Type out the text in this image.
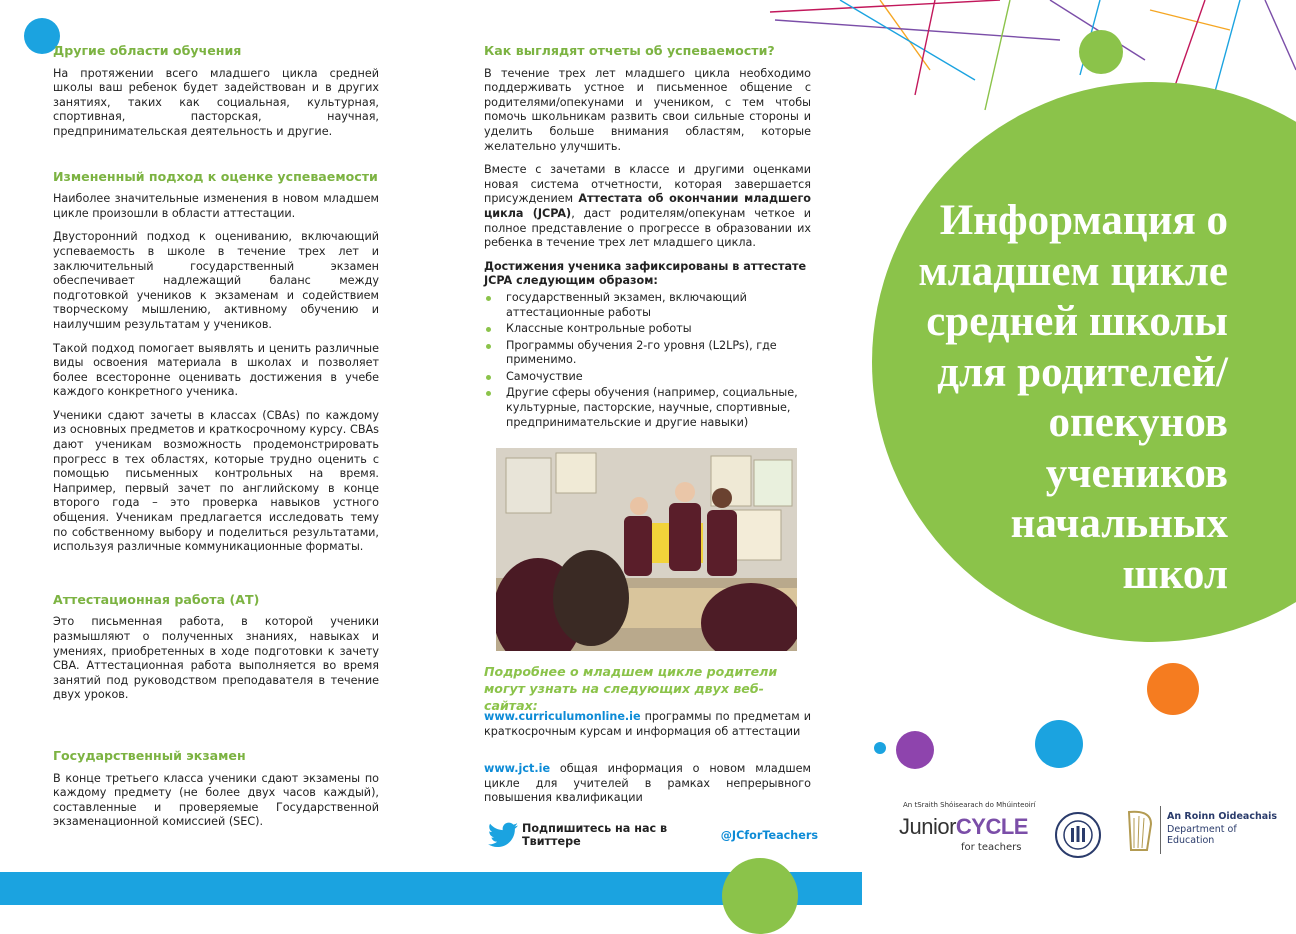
Другие области обучения
На протяжении всего младшего цикла средней школы ваш ребенок будет задействован и в других занятиях, таких как социальная, культурная, спортивная, пасторская, научная, предпринимательская деятельность и другие.
Измененный подход к оценке успеваемости
Наиболее значительные изменения в новом младшем цикле произошли в области аттестации.
Двусторонний подход к оцениванию, включающий успеваемость в школе в течение трех лет и заключительный государственный экзамен обеспечивает надлежащий баланс между подготовкой учеников к экзаменам и содействием творческому мышлению, активному обучению и наилучшим результатам у учеников.
Такой подход помогает выявлять и ценить различные виды освоения материала в школах и позволяет более всесторонне оценивать достижения в учебе каждого конкретного ученика.
Ученики сдают зачеты в классах (CBAs) по каждому из основных предметов и краткосрочному курсу. CBAs дают ученикам возможность продемонстрировать прогресс в тех областях, которые трудно оценить с помощью письменных контрольных на время. Например, первый зачет по английскому в конце второго года – это проверка навыков устного общения. Ученикам предлагается исследовать тему по собственному выбору и поделиться результатами, используя различные коммуникационные форматы.
Аттестационная работа (АТ)
Это письменная работа, в которой ученики размышляют о полученных знаниях, навыках и умениях, приобретенных в ходе подготовки к зачету CBA. Аттестационная работа выполняется во время занятий под руководством преподавателя в течение двух уроков.
Государственный экзамен
В конце третьего класса ученики сдают экзамены по каждому предмету (не более двух часов каждый), составленные и проверяемые Государственной экзаменационной комиссией (SEC).
Как выглядят отчеты об успеваемости?
В течение трех лет младшего цикла необходимо поддерживать устное и письменное общение с родителями/опекунами и учеником, с тем чтобы помочь школьникам развить свои сильные стороны и уделить больше внимания областям, которые желательно улучшить.
Вместе с зачетами в классе и другими оценками новая система отчетности, которая завершается присуждением Аттестата об окончании младшего цикла (JCPA), даст родителям/опекунам четкое и полное представление о прогрессе в образовании их ребенка в течение трех лет младшего цикла.
Достижения ученика зафиксированы в аттестате JCPA следующим образом:
государственный экзамен, включающий аттестационные работы
Классные контрольные роботы
Программы обучения 2-го уровня (L2LPs), где применимо.
Самочуствие
Другие сферы обучения (например, социальные, культурные, пасторские, научные, спортивные, предпринимательские и другие навыки)
Подробнее о младшем цикле родители могут узнать на следующих двух веб-сайтах:
www.curriculumonline.ie программы по предметам и краткосрочным курсам и информация об аттестации
www.jct.ie общая информация о новом младшем цикле для учителей в рамках непрерывного повышения квалификации
Подпишитесь на нас в Твиттере	@JCforTeachers
Информация о
младшем цикле
средней школы
для родителей/
опекунов
учеников
начальных
школ
An tSraith Shóisearach do Mhúinteoirí
JuniorCYCLE
for teachers
An Roinn Oideachais
Department of Education
